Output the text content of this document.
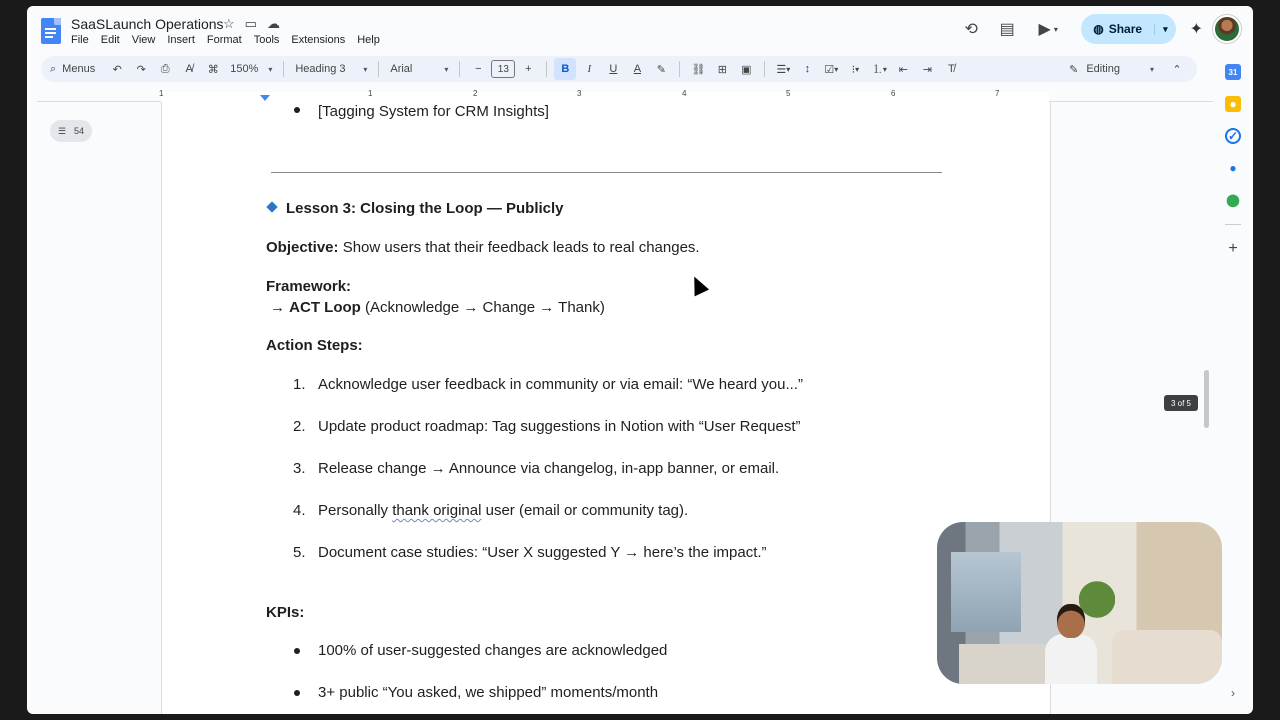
SaaSLaunch Operations ☆ ▭ ☁
File Edit View Insert Format Tools Extensions Help
⟲	▤	▶ ▾	◍ Share	▾ ✦
⌕ Menus	↶	↷	⎙	A̸	⌘	150% ▾ Heading 3 ▾ Arial	▾	−	13	+	B	I	U	A	✎	⛓	⊞	▣	☰ ▾	↕	☑ ▾	⁝ ▾	⒈ ▾	⇤	⇥	T̸	✎ Editing	▾	⌃	31
●
✓
●
⬤
+
›
1	1	2	3	4	5	6	7
☰ 54
[Tagging System for CRM Insights]
Lesson 3: Closing the Loop — Publicly
Objective: Show users that their feedback leads to real changes.
Framework:
→ ACT Loop (Acknowledge → Change → Thank)
Action Steps:
1. Acknowledge user feedback in community or via email: “We heard you...”
2. Update product roadmap: Tag suggestions in Notion with “User Request”
3. Release change → Announce via changelog, in-app banner, or email.
4. Personally thank original user (email or community tag).
5. Document case studies: “User X suggested Y → here’s the impact.”
KPIs:
100% of user-suggested changes are acknowledged
3+ public “You asked, we shipped” moments/month
3 of 5
